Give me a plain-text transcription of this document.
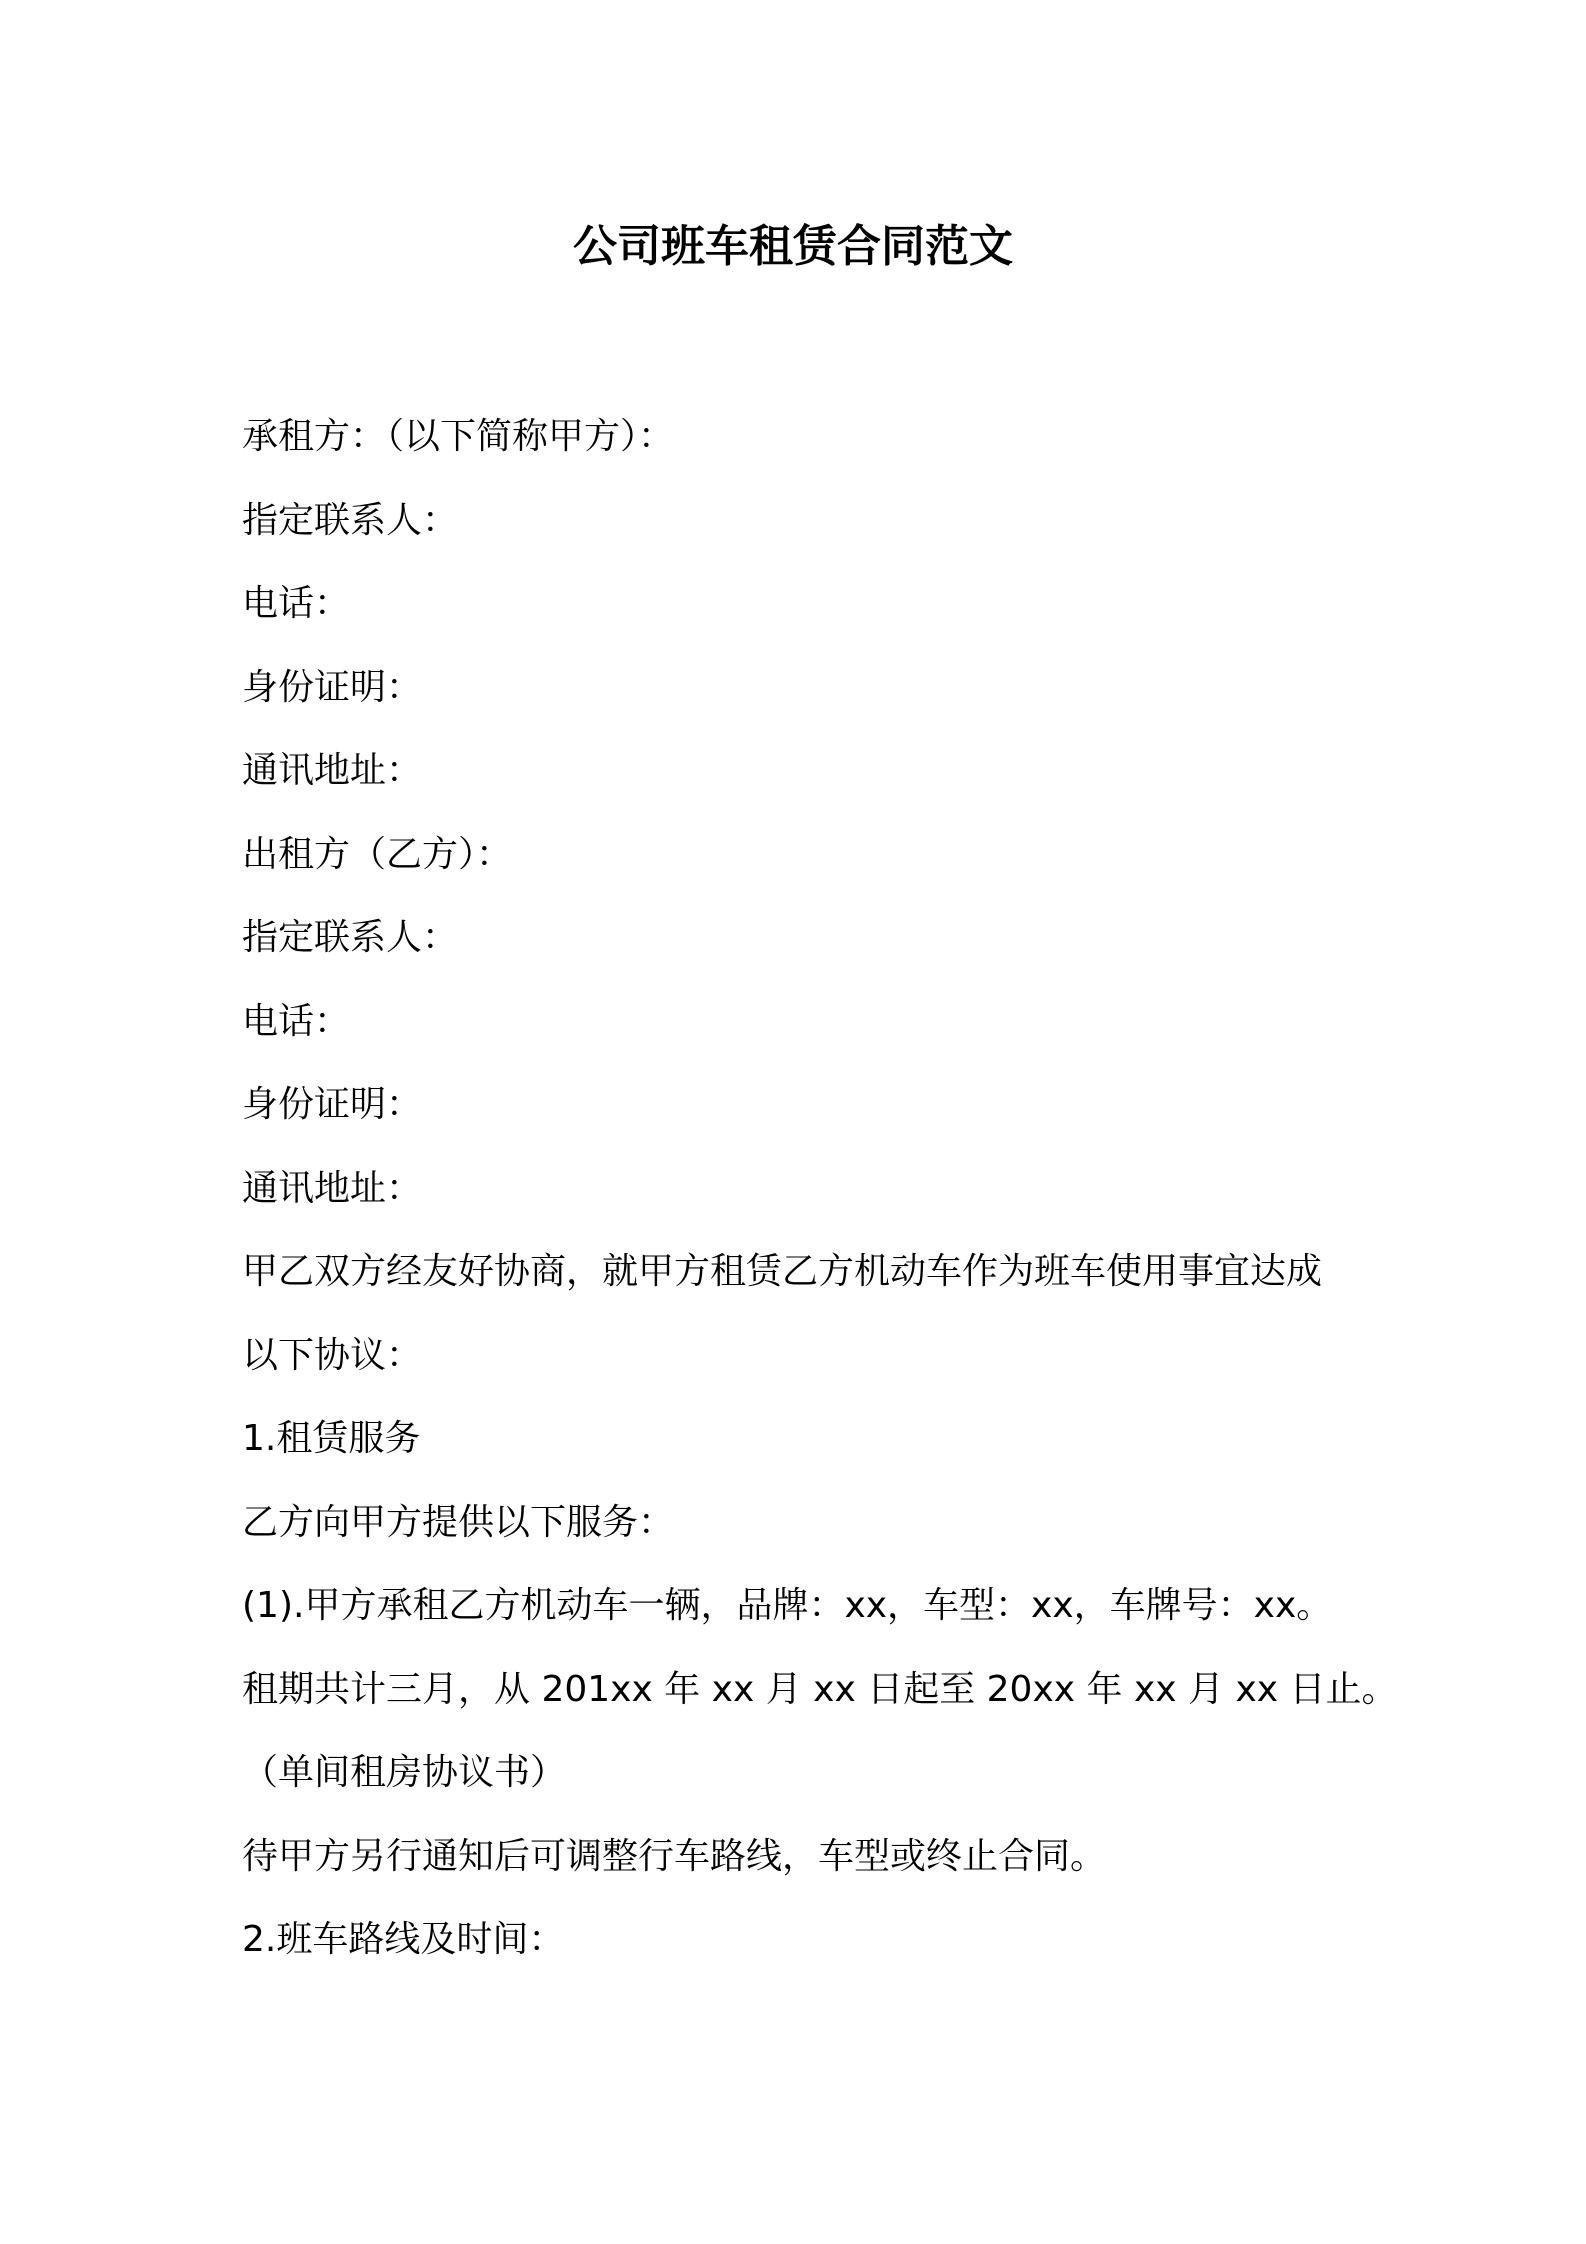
公司班车租赁合同范文
承租方：（以下简称甲方）：
指定联系人：
电话：
身份证明：
通讯地址：
出租方（乙方）：
指定联系人：
电话：
身份证明：
通讯地址：
甲乙双方经友好协商，就甲方租赁乙方机动车作为班车使用事宜达成
以下协议：
1.租赁服务
乙方向甲方提供以下服务：
(1).甲方承租乙方机动车一辆，品牌：xx，车型：xx，车牌号：xx。
租期共计三月，从 201xx 年 xx 月 xx 日起至 20xx 年 xx 月 xx 日止。
（单间租房协议书）
待甲方另行通知后可调整行车路线，车型或终止合同。
2.班车路线及时间：
